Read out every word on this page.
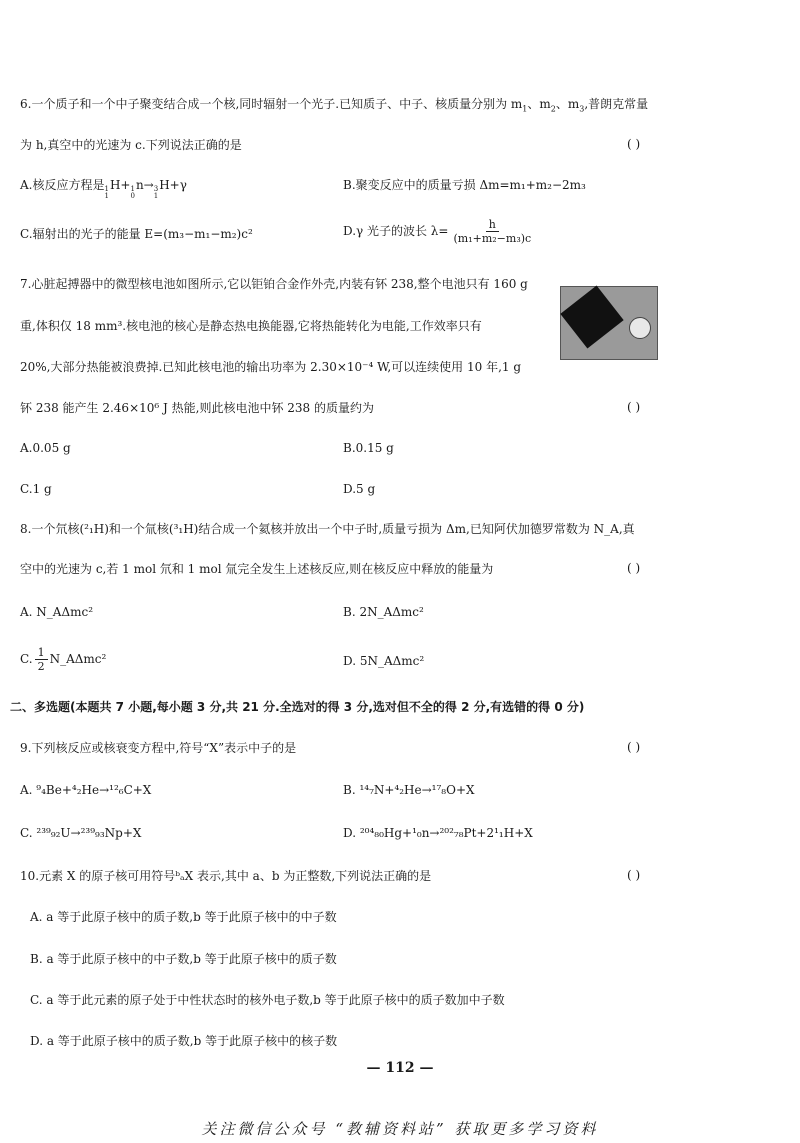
6.一个质子和一个中子聚变结合成一个核,同时辐射一个光子.已知质子、中子、核质量分别为 $m_1$、$m_2$、$m_3$,普朗克常量
为 h,真空中的光速为 c.下列说法正确的是	( )
A.核反应方程是 1
1
H+ 1
0
n→ 3
1
H+γ	B.聚变反应中的质量亏损 Δm=m₁+m₂−2m₃
C.辐射出的光子的能量 E=(m₃−m₁−m₂)c²	D.γ 光子的波长 $\lambda= \frac{h}{\text{(m₁+m₂−m₃)c}}$
7.心脏起搏器中的微型核电池如图所示,它以钜铂合金作外壳,内装有钚 238,整个电池只有 160 g
重,体积仅 18 mm³.核电池的核心是静态热电换能器,它将热能转化为电能,工作效率只有
20%,大部分热能被浪费掉.已知此核电池的输出功率为 2.30×10⁻⁴ W,可以连续使用 10 年,1 g
钚 238 能产生 2.46×10⁶ J 热能,则此核电池中钚 238 的质量约为	( )
A.0.05 g	B.0.15 g
C.1 g	D.5 g
8.一个氘核(²₁H)和一个氚核(³₁H)结合成一个氦核并放出一个中子时,质量亏损为 Δm,已知阿伏加德罗常数为 N_A,真
空中的光速为 c,若 1 mol 氘和 1 mol 氚完全发生上述核反应,则在核反应中释放的能量为	( )
A. N_AΔmc²	B. 2N_AΔmc²
C. $\frac{1}{2}$ N_AΔmc²	D. 5N_AΔmc²
二、多选题(本题共 7 小题,每小题 3 分,共 21 分.全选对的得 3 分,选对但不全的得 2 分,有选错的得 0 分)
9.下列核反应或核衰变方程中,符号“X”表示中子的是	( )
A. ⁹₄Be+⁴₂He→¹²₆C+X	B. ¹⁴₇N+⁴₂He→¹⁷₈O+X
C. ²³⁹₉₂U→²³⁹₉₃Np+X	D. ²⁰⁴₈₀Hg+¹₀n→²⁰²₇₈Pt+2¹₁H+X
10.元素 X 的原子核可用符号ᵇₐX 表示,其中 a、b 为正整数,下列说法正确的是	( )
A. a 等于此原子核中的质子数,b 等于此原子核中的中子数
B. a 等于此原子核中的中子数,b 等于此原子核中的质子数
C. a 等于此元素的原子处于中性状态时的核外电子数,b 等于此原子核中的质子数加中子数
D. a 等于此原子核中的质子数,b 等于此原子核中的核子数
— 112 —
关注微信公众号 “教辅资料站” 获取更多学习资料
